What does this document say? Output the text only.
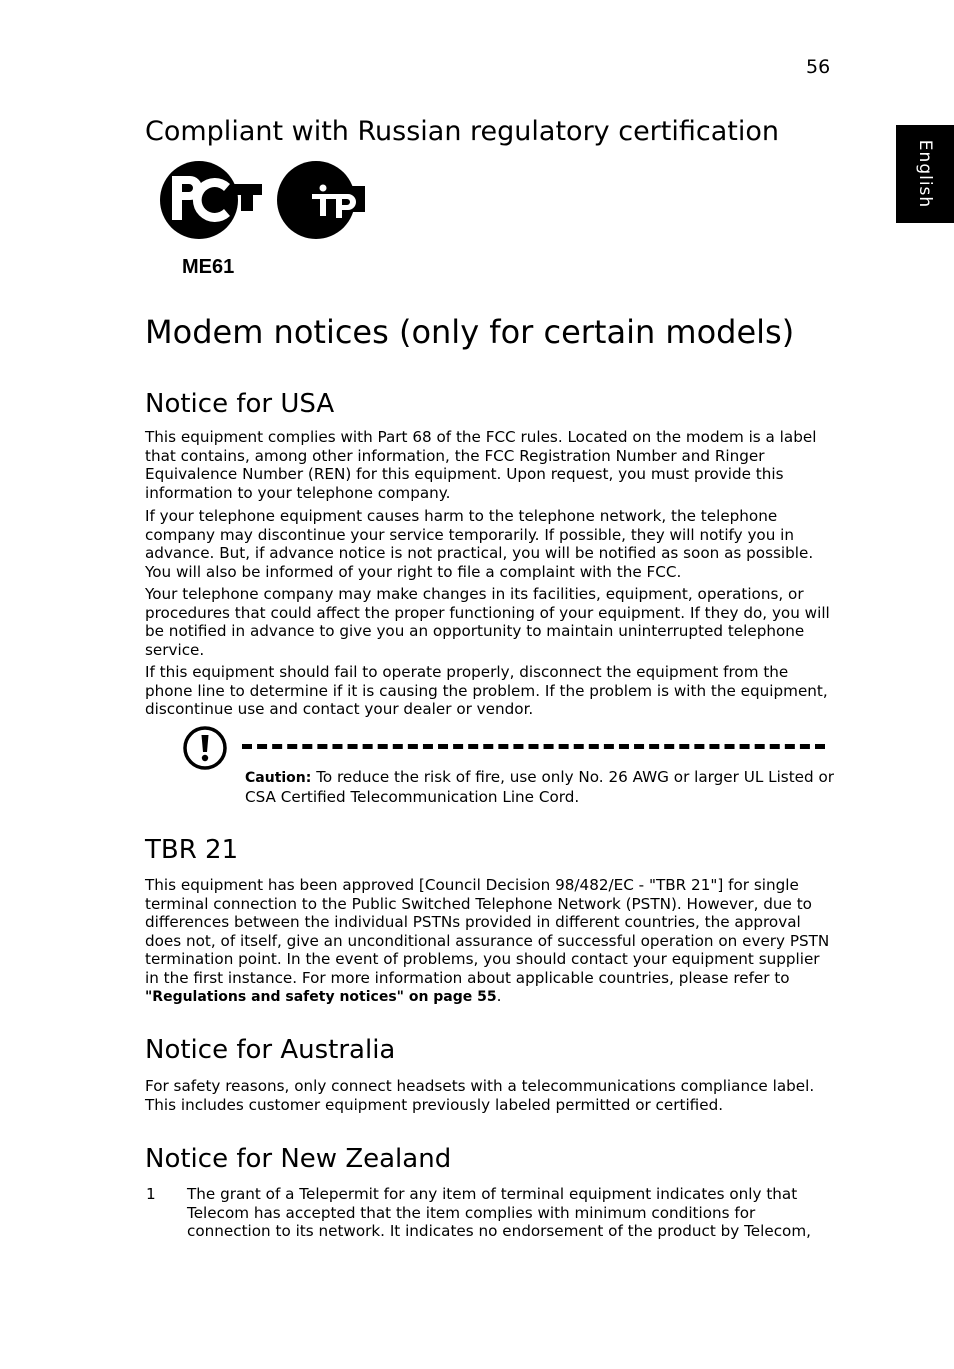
56
English
Compliant with Russian regulatory certification
ME61
Modem notices (only for certain models)
Notice for USA

This equipment complies with Part 68 of the FCC rules. Located on the modem is a label that contains, among other information, the FCC Registration Number and Ringer Equivalence Number (REN) for this equipment. Upon request, you must provide this information to your telephone company.

If your telephone equipment causes harm to the telephone network, the telephone company may discontinue your service temporarily. If possible, they will notify you in advance. But, if advance notice is not practical, you will be notified as soon as possible. You will also be informed of your right to file a complaint with the FCC.

Your telephone company may make changes in its facilities, equipment, operations, or procedures that could affect the proper functioning of your equipment. If they do, you will be notified in advance to give you an opportunity to maintain uninterrupted telephone service.

If this equipment should fail to operate properly, disconnect the equipment from the phone line to determine if it is causing the problem. If the problem is with the equipment, discontinue use and contact your dealer or vendor.

Caution: To reduce the risk of fire, use only No. 26 AWG or larger UL Listed or CSA Certified Telecommunication Line Cord.

TBR 21

This equipment has been approved [Council Decision 98/482/EC - "TBR 21"] for single terminal connection to the Public Switched Telephone Network (PSTN). However, due to differences between the individual PSTNs provided in different countries, the approval does not, of itself, give an unconditional assurance of successful operation on every PSTN termination point. In the event of problems, you should contact your equipment supplier in the first instance. For more information about applicable countries, please refer to "Regulations and safety notices" on page 55.

Notice for Australia

For safety reasons, only connect headsets with a telecommunications compliance label. This includes customer equipment previously labeled permitted or certified.

Notice for New Zealand
1 The grant of a Telepermit for any item of terminal equipment indicates only that Telecom has accepted that the item complies with minimum conditions for connection to its network. It indicates no endorsement of the product by Telecom,
